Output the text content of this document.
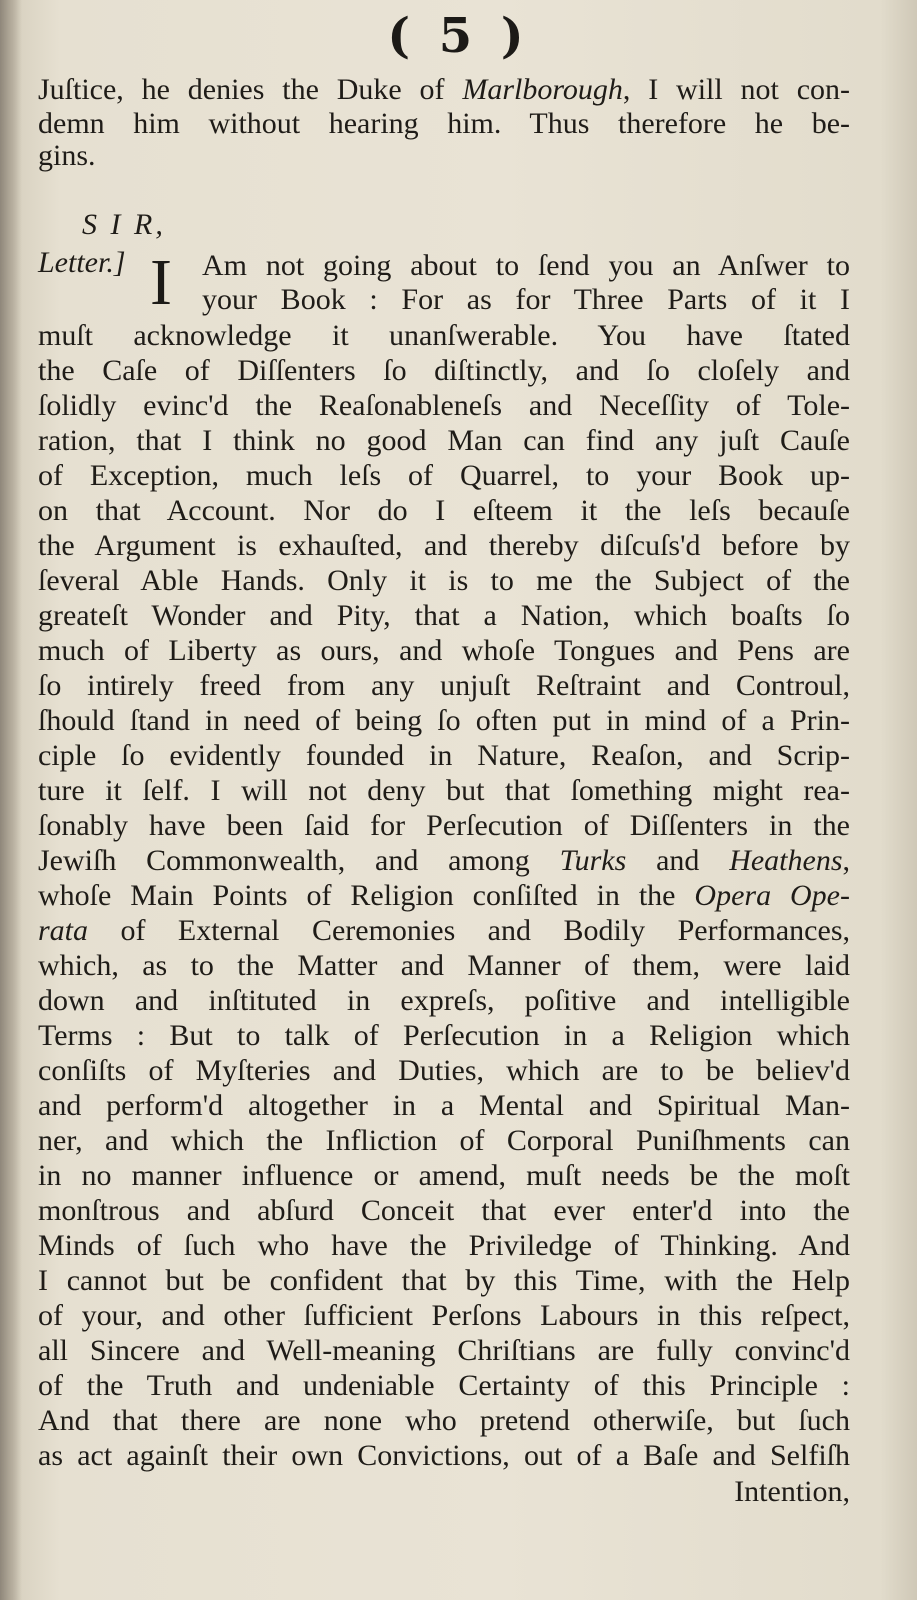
( 5 )
Juſtice, he denies the Duke of Marlborough, I will not con-
demn him without hearing him. Thus therefore he be-
gins.
S I R,
Letter.] I Am not going about to ſend you an Anſwer to
your Book : For as for Three Parts of it I
muſt acknowledge it unanſwerable. You have ſtated
the Caſe of Diſſenters ſo diſtinctly, and ſo cloſely and
ſolidly evinc'd the Reaſonableneſs and Neceſſity of Tole-
ration, that I think no good Man can find any juſt Cauſe
of Exception, much leſs of Quarrel, to your Book up-
on that Account. Nor do I eſteem it the leſs becauſe
the Argument is exhauſted, and thereby diſcuſs'd before by
ſeveral Able Hands. Only it is to me the Subject of the
greateſt Wonder and Pity, that a Nation, which boaſts ſo
much of Liberty as ours, and whoſe Tongues and Pens are
ſo intirely freed from any unjuſt Reſtraint and Controul,
ſhould ſtand in need of being ſo often put in mind of a Prin-
ciple ſo evidently founded in Nature, Reaſon, and Scrip-
ture it ſelf. I will not deny but that ſomething might rea-
ſonably have been ſaid for Perſecution of Diſſenters in the
Jewiſh Commonwealth, and among Turks and Heathens,
whoſe Main Points of Religion conſiſted in the Opera Ope-
rata of External Ceremonies and Bodily Performances,
which, as to the Matter and Manner of them, were laid
down and inſtituted in expreſs, poſitive and intelligible
Terms : But to talk of Perſecution in a Religion which
conſiſts of Myſteries and Duties, which are to be believ'd
and perform'd altogether in a Mental and Spiritual Man-
ner, and which the Infliction of Corporal Puniſhments can
in no manner influence or amend, muſt needs be the moſt
monſtrous and abſurd Conceit that ever enter'd into the
Minds of ſuch who have the Priviledge of Thinking. And
I cannot but be confident that by this Time, with the Help
of your, and other ſufficient Perſons Labours in this reſpect,
all Sincere and Well-meaning Chriſtians are fully convinc'd
of the Truth and undeniable Certainty of this Principle :
And that there are none who pretend otherwiſe, but ſuch
as act againſt their own Convictions, out of a Baſe and Selfiſh
Intention,
